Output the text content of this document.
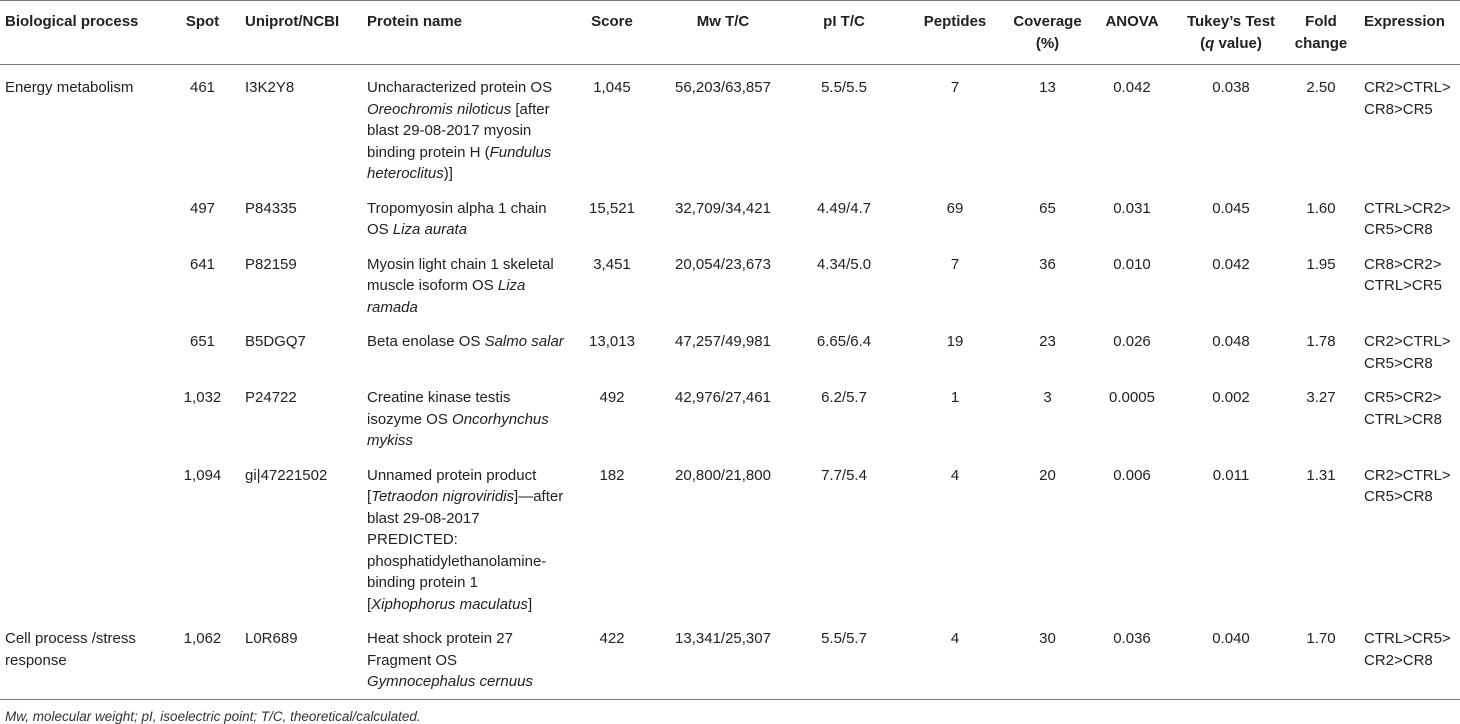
Biological process	Spot	Uniprot/NCBI	Protein name	Score	Mw T/C	pI T/C	Peptides	Coverage (%)	ANOVA	Tukey’s Test (q value)	Fold change	Expression
Energy metabolism	461	I3K2Y8	Uncharacterized protein OS Oreochromis niloticus [after blast 29-08-2017 myosin binding protein H (Fundulus heteroclitus)]	1,045	56,203/63,857	5.5/5.5	7	13	0.042	0.038	2.50	CR2>CTRL> CR8>CR5
	497	P84335	Tropomyosin alpha 1 chain OS Liza aurata	15,521	32,709/34,421	4.49/4.7	69	65	0.031	0.045	1.60	CTRL>CR2> CR5>CR8
	641	P82159	Myosin light chain 1 skeletal muscle isoform OS Liza ramada	3,451	20,054/23,673	4.34/5.0	7	36	0.010	0.042	1.95	CR8>CR2> CTRL>CR5
	651	B5DGQ7	Beta enolase OS Salmo salar	13,013	47,257/49,981	6.65/6.4	19	23	0.026	0.048	1.78	CR2>CTRL> CR5>CR8
	1,032	P24722	Creatine kinase testis isozyme OS Oncorhynchus mykiss	492	42,976/27,461	6.2/5.7	1	3	0.0005	0.002	3.27	CR5>CR2> CTRL>CR8
	1,094	gi|47221502	Unnamed protein product [Tetraodon nigroviridis]—after blast 29-08-2017 PREDICTED: phosphatidylethanolamine-binding protein 1 [Xiphophorus maculatus]	182	20,800/21,800	7.7/5.4	4	20	0.006	0.011	1.31	CR2>CTRL> CR5>CR8
Cell process /stress response	1,062	L0R689	Heat shock protein 27 Fragment OS Gymnocephalus cernuus	422	13,341/25,307	5.5/5.7	4	30	0.036	0.040	1.70	CTRL>CR5> CR2>CR8
Mw, molecular weight; pI, isoelectric point; T/C, theoretical/calculated.
